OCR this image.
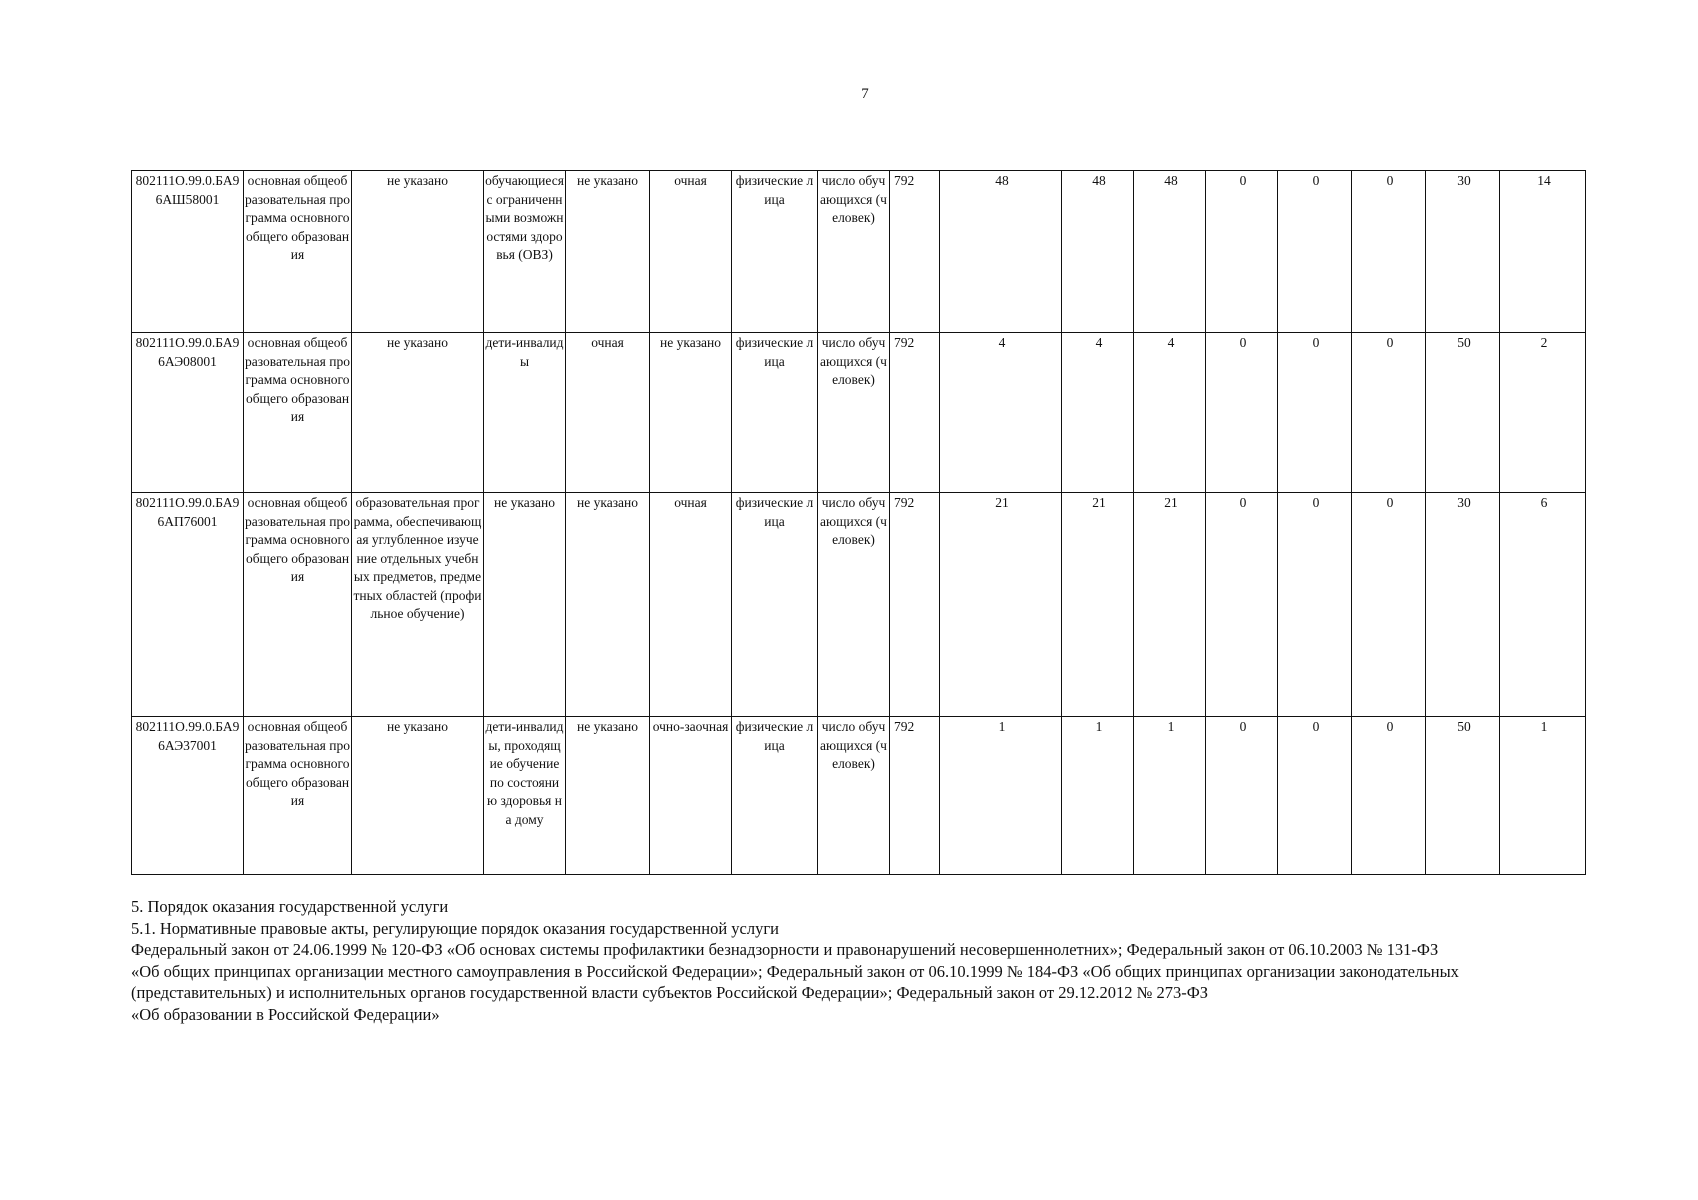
7
802111О.99.0.БА96АШ58001	основная общеобразовательная программа основного общего образования	не указано	обучающиеся с ограниченными возможностями здоровья (ОВЗ)	не указано	очная	физические лица	число обучающихся (человек)	792	48	48	48	0	0	0	30	14
802111О.99.0.БА96АЭ08001	основная общеобразовательная программа основного общего образования	не указано	дети-инвалиды	очная	не указано	физические лица	число обучающихся (человек)	792	4	4	4	0	0	0	50	2
802111О.99.0.БА96АП76001	основная общеобразовательная программа основного общего образования	образовательная программа, обеспечивающая углубленное изучение отдельных учебных предметов, предметных областей (профильное обучение)	не указано	не указано	очная	физические лица	число обучающихся (человек)	792	21	21	21	0	0	0	30	6
802111О.99.0.БА96АЭ37001	основная общеобразовательная программа основного общего образования	не указано	дети-инвалиды, проходящие обучение по состоянию здоровья на дому	не указано	очно-заочная	физические лица	число обучающихся (человек)	792	1	1	1	0	0	0	50	1

5. Порядок оказания государственной услуги

5.1. Нормативные правовые акты, регулирующие порядок оказания государственной услуги

Федеральный закон от 24.06.1999 № 120-ФЗ «Об основах системы профилактики безнадзорности и правонарушений несовершеннолетних»; Федеральный закон от 06.10.2003 № 131-ФЗ

«Об общих принципах организации местного самоуправления в Российской Федерации»; Федеральный закон от 06.10.1999 № 184-ФЗ «Об общих принципах организации законодательных

(представительных) и исполнительных органов государственной власти субъектов Российской Федерации»; Федеральный закон от 29.12.2012 № 273-ФЗ

«Об образовании в Российской Федерации»
